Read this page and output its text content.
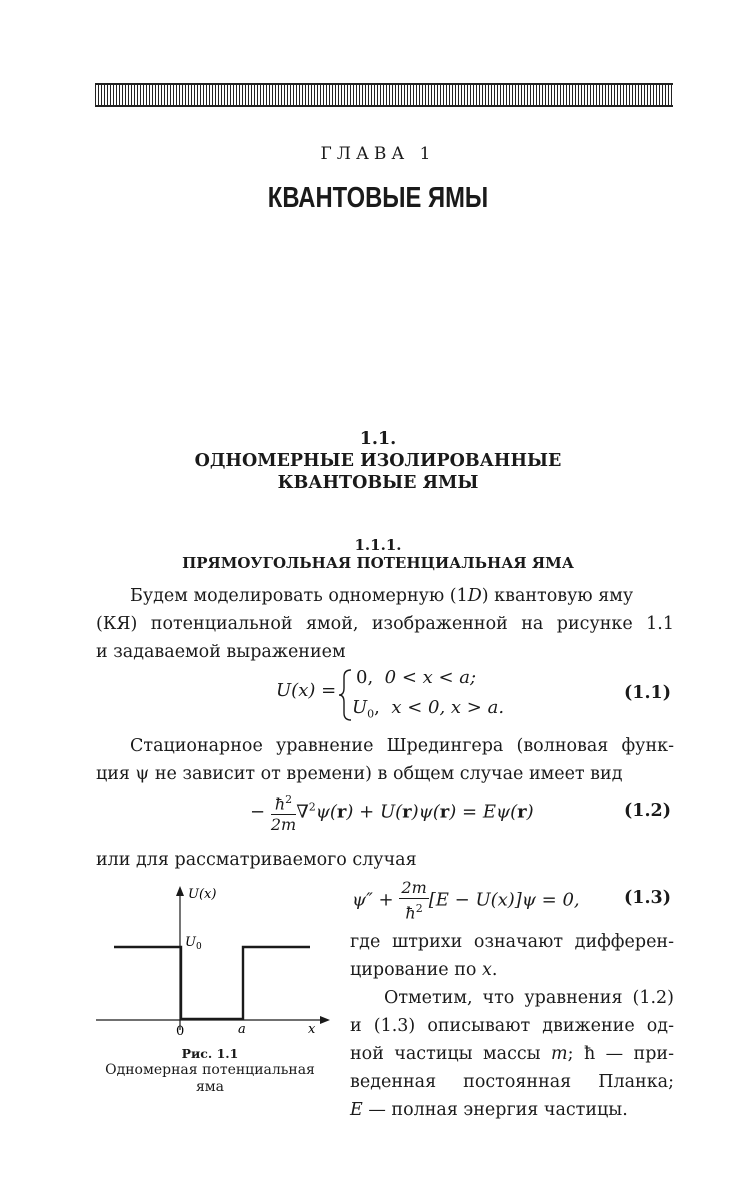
ГЛАВА 1
КВАНТОВЫЕ ЯМЫ
1.1.
ОДНОМЕРНЫЕ ИЗОЛИРОВАННЫЕ
КВАНТОВЫЕ ЯМЫ
1.1.1.
ПРЯМОУГОЛЬНАЯ ПОТЕНЦИАЛЬНАЯ ЯМА
Будем моделировать одномерную (1D) квантовую яму
(КЯ) потенциальной ямой, изображенной на рисунке 1.1
и задаваемой выражением
U(x) =
0, 0 < x < a;
$U_0$, x < 0, x > a.
(1.1)
Стационарное уравнение Шредингера (волновая функ-
ция ψ не зависит от времени) в общем случае имеет вид
− $\frac{ħ^2}{2m} \nabla^2\psi(r) + U(r)\psi(r) = E\psi(r)$	(1.2)
или для рассматриваемого случая
$\psi'' + \frac{2m}{ħ^2} [E - U(x)]\psi = 0$,	(1.3)
где штрихи означают дифферен-
цирование по x.
Отметим, что уравнения (1.2)
и (1.3) описывают движение од-
ной частицы массы m; ħ — при-
веденная постоянная Планка;
E — полная энергия частицы.
U(x)
$U_0$
0	a	x
Рис. 1.1
Одномерная потенциальная
яма
